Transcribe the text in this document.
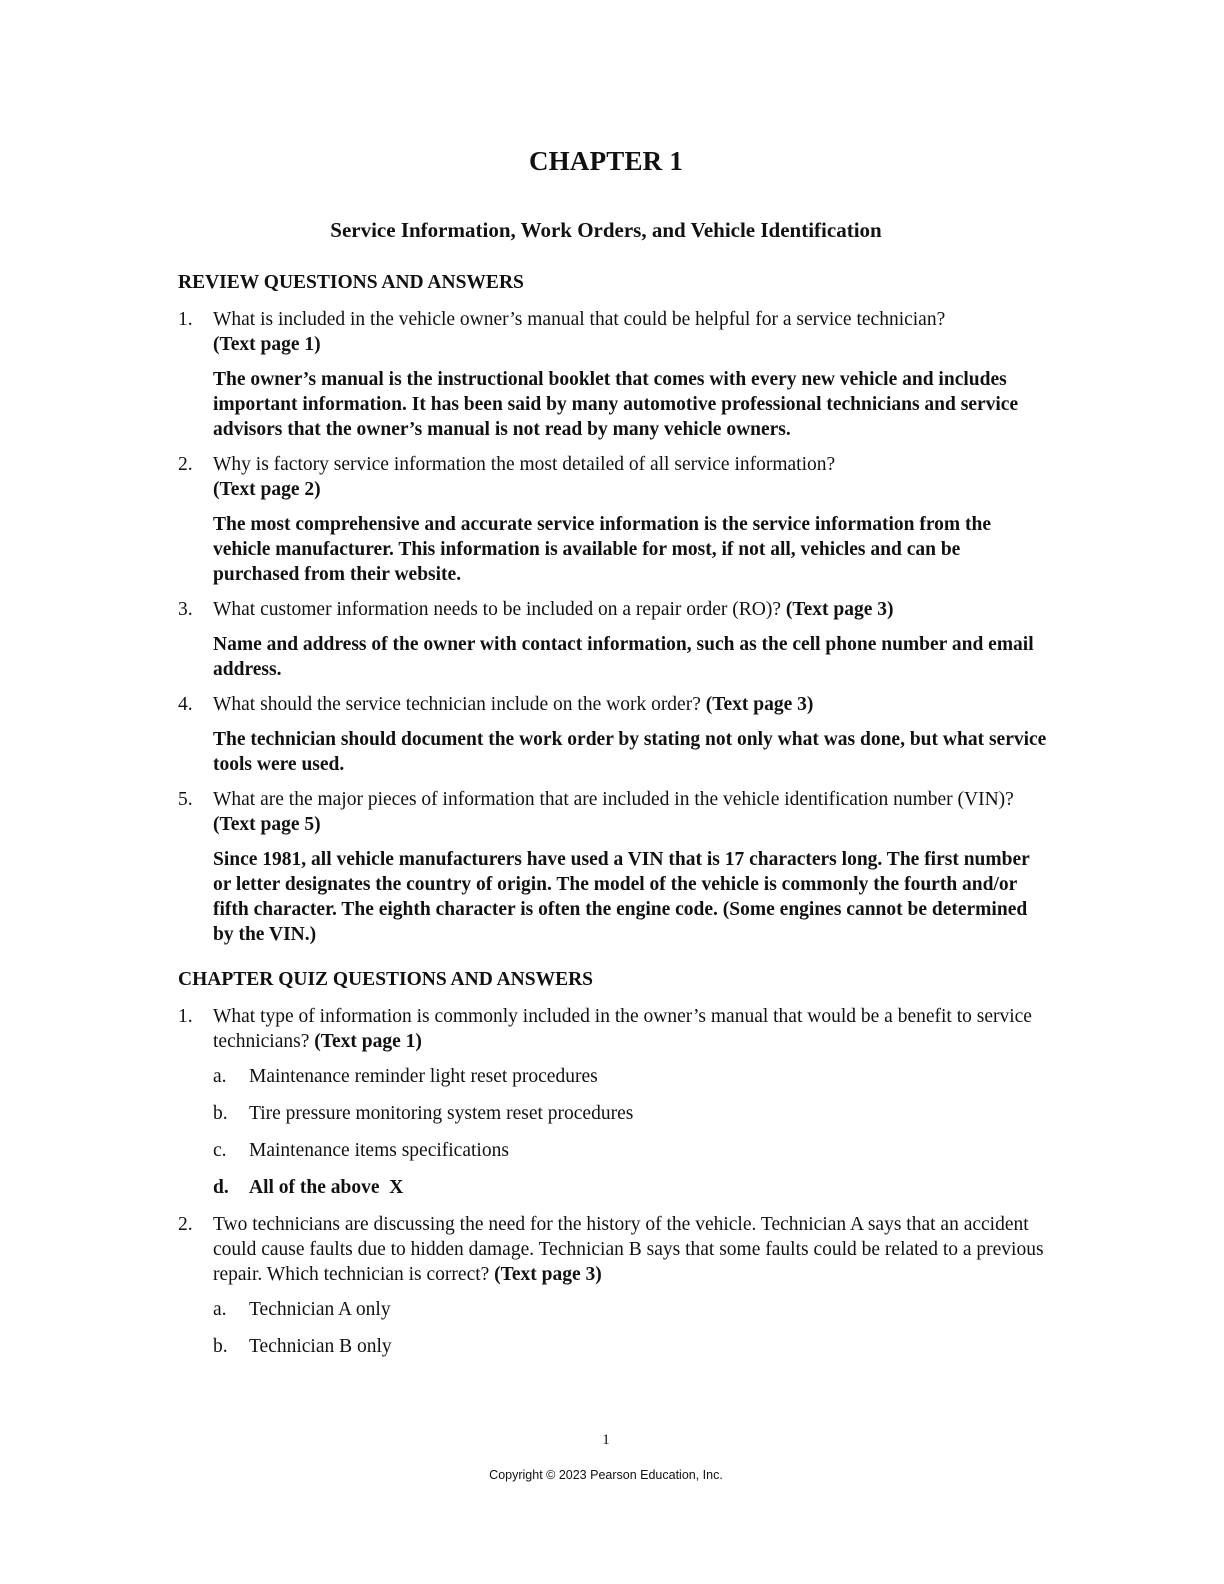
CHAPTER 1
Service Information, Work Orders, and Vehicle Identification
REVIEW QUESTIONS AND ANSWERS
1. What is included in the vehicle owner’s manual that could be helpful for a service technician?
(Text page 1)
The owner’s manual is the instructional booklet that comes with every new vehicle and includes important information. It has been said by many automotive professional technicians and service advisors that the owner’s manual is not read by many vehicle owners.
2. Why is factory service information the most detailed of all service information?
(Text page 2)
The most comprehensive and accurate service information is the service information from the vehicle manufacturer. This information is available for most, if not all, vehicles and can be purchased from their website.
3. What customer information needs to be included on a repair order (RO)? (Text page 3)
Name and address of the owner with contact information, such as the cell phone number and email address.
4. What should the service technician include on the work order? (Text page 3)
The technician should document the work order by stating not only what was done, but what service tools were used.
5. What are the major pieces of information that are included in the vehicle identification number (VIN)? (Text page 5)
Since 1981, all vehicle manufacturers have used a VIN that is 17 characters long. The first number or letter designates the country of origin. The model of the vehicle is commonly the fourth and/or fifth character. The eighth character is often the engine code. (Some engines cannot be determined by the VIN.)
CHAPTER QUIZ QUESTIONS AND ANSWERS
1. What type of information is commonly included in the owner’s manual that would be a benefit to service technicians? (Text page 1)
a. Maintenance reminder light reset procedures
b. Tire pressure monitoring system reset procedures
c. Maintenance items specifications
d. All of the above  X
2. Two technicians are discussing the need for the history of the vehicle. Technician A says that an accident could cause faults due to hidden damage. Technician B says that some faults could be related to a previous repair. Which technician is correct? (Text page 3)
a. Technician A only
b. Technician B only
1
Copyright © 2023 Pearson Education, Inc.
